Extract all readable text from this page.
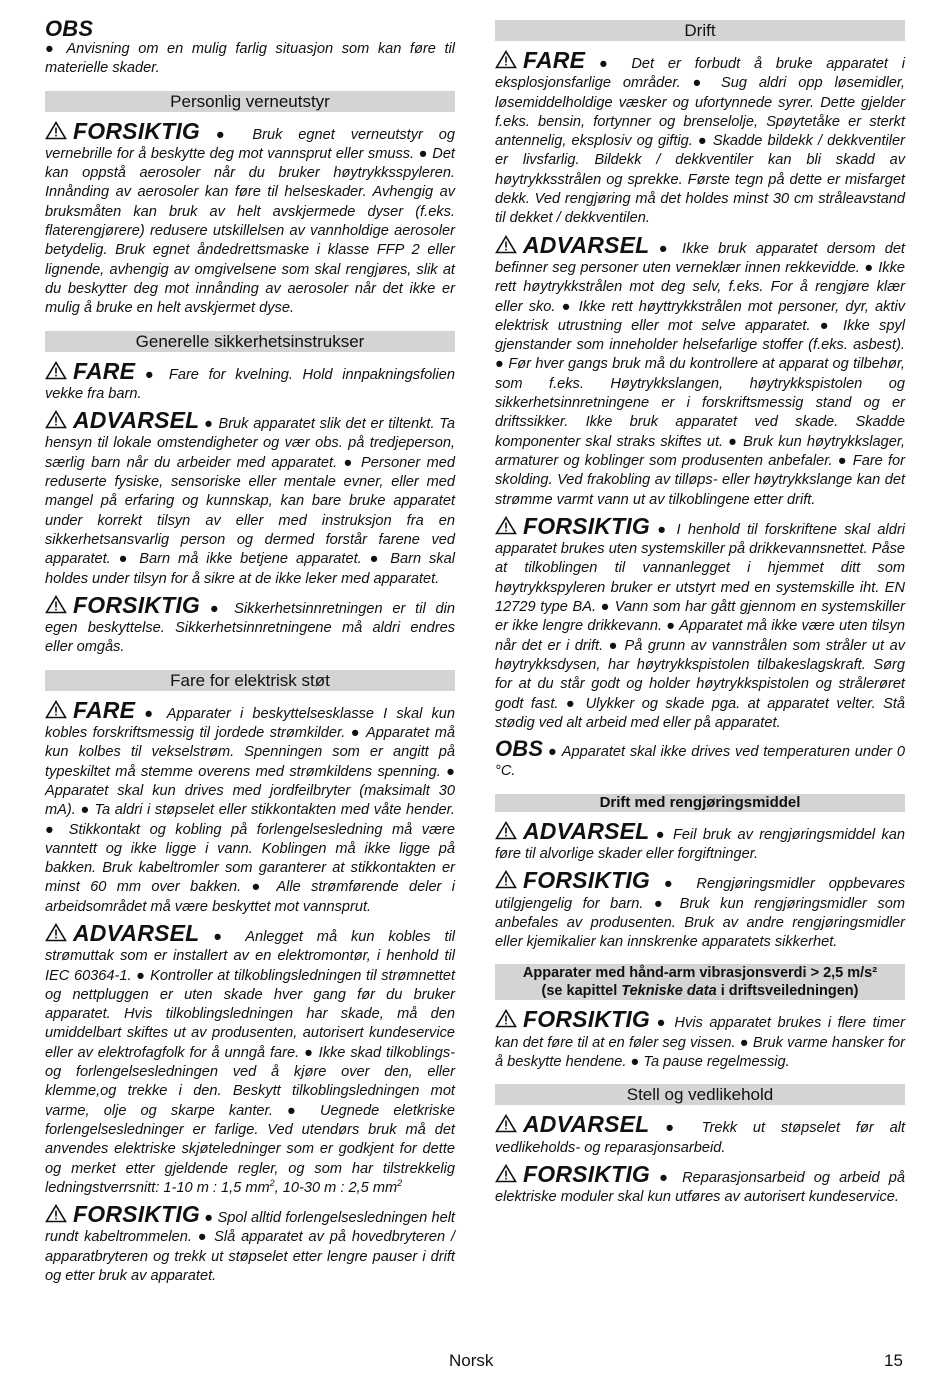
OBS
● Anvisning om en mulig farlig situasjon som kan føre til materielle skader.
Personlig verneutstyr
FORSIKTIG ● Bruk egnet verneutstyr og vernebrille for å beskytte deg mot vannsprut eller smuss. ● Det kan oppstå aerosoler når du bruker høytrykksspyleren. Innånding av aerosoler kan føre til helseskader. Avhengig av bruksmåten kan bruk av helt avskjermede dyser (f.eks. flaterengjørere) redusere utskillelsen av vannholdige aerosoler betydelig. Bruk egnet åndedrettsmaske i klasse FFP 2 eller lignende, avhengig av omgivelsene som skal rengjøres, slik at du beskytter deg mot innånding av aerosoler når det ikke er mulig å bruke en helt avskjermet dyse.
Generelle sikkerhetsinstrukser
FARE ● Fare for kvelning. Hold innpakningsfolien vekke fra barn.
ADVARSEL ● Bruk apparatet slik det er tiltenkt. Ta hensyn til lokale omstendigheter og vær obs. på tredjeperson, særlig barn når du arbeider med apparatet. ● Personer med reduserte fysiske, sensoriske eller mentale evner, eller med mangel på erfaring og kunnskap, kan bare bruke apparatet under korrekt tilsyn av eller med instruksjon fra en sikkerhetsansvarlig person og dermed forstår farene ved apparatet. ● Barn må ikke betjene apparatet. ● Barn skal holdes under tilsyn for å sikre at de ikke leker med apparatet.
FORSIKTIG ● Sikkerhetsinnretningen er til din egen beskyttelse. Sikkerhetsinnretningene må aldri endres eller omgås.
Fare for elektrisk støt
FARE ● Apparater i beskyttelsesklasse I skal kun kobles forskriftsmessig til jordede strømkilder. ● Apparatet må kun kolbes til vekselstrøm. Spenningen som er angitt på typeskiltet må stemme overens med strømkildens spenning. ● Apparatet skal kun drives med jordfeilbryter (maksimalt 30 mA). ● Ta aldri i støpselet eller stikkontakten med våte hender. ● Stikkontakt og kobling på forlengelsesledning må være vanntett og ikke ligge i vann. Koblingen må ikke ligge på bakken. Bruk kabeltromler som garanterer at stikkontakten er minst 60 mm over bakken. ● Alle strømførende deler i arbeidsområdet må være beskyttet mot vannsprut.
ADVARSEL ● Anlegget må kun kobles til strømuttak som er installert av en elektromontør, i henhold til IEC 60364-1. ● Kontroller at tilkoblingsledningen til strømnettet og nettpluggen er uten skade hver gang før du bruker apparatet. Hvis tilkoblingsledningen har skade, må den umiddelbart skiftes ut av produsenten, autorisert kundeservice eller av elektrofagfolk for å unngå fare. ● Ikke skad tilkoblings- og forlengelsesledningen ved å kjøre over den, eller klemme,og trekke i den. Beskytt tilkoblingsledningen mot varme, olje og skarpe kanter. ● Uegnede eletkriske forlengelsesledninger er farlige. Ved utendørs bruk må det anvendes elektriske skjøteledninger som er godkjent for dette og merket etter gjeldende regler, og som har tilstrekkelig ledningstverrsnitt: 1-10 m : 1,5 $mm^2$, 10-30 m : 2,5 $mm^2$
FORSIKTIG ● Spol alltid forlengelsesledningen helt rundt kabeltrommelen. ● Slå apparatet av på hovedbryteren / apparatbryteren og trekk ut støpselet etter lengre pauser i drift og etter bruk av apparatet.
Drift
FARE ● Det er forbudt å bruke apparatet i eksplosjonsfarlige områder. ● Sug aldri opp løsemidler, løsemiddelholdige væsker og ufortynnede syrer. Dette gjelder f.eks. bensin, fortynner og brenselolje, Spøytetåke er sterkt antennelig, eksplosiv og giftig. ● Skadde bildekk / dekkventiler er livsfarlig. Bildekk / dekkventiler kan bli skadd av høytrykksstrålen og sprekke. Første tegn på dette er misfarget dekk. Ved rengjøring må det holdes minst 30 cm stråleavstand til dekket / dekkventilen.
ADVARSEL ● Ikke bruk apparatet dersom det befinner seg personer uten verneklær innen rekkevidde. ● Ikke rett høytrykkstrålen mot deg selv, f.eks. For å rengjøre klær eller sko. ● Ikke rett høyttrykkstrålen mot personer, dyr, aktiv elektrisk utrustning eller mot selve apparatet. ● Ikke spyl gjenstander som inneholder helsefarlige stoffer (f.eks. asbest). ● Før hver gangs bruk må du kontrollere at apparat og tilbehør, som f.eks. Høytrykkslangen, høytrykkspistolen og sikkerhetsinnretningene er i forskriftsmessig stand og er driftssikker. Ikke bruk apparatet ved skade. Skadde komponenter skal straks skiftes ut. ● Bruk kun høytrykkslager, armaturer og koblinger som produsenten anbefaler. ● Fare for skolding. Ved frakobling av tilløps- eller høytrykkslange kan det strømme varmt vann ut av tilkoblingene etter drift.
FORSIKTIG ● I henhold til forskriftene skal aldri apparatet brukes uten systemskiller på drikkevannsnettet. Påse at tilkoblingen til vannanlegget i hjemmet ditt som høytrykkspyleren bruker er utstyrt med en systemskille iht. EN 12729 type BA. ● Vann som har gått gjennom en systemskiller er ikke lengre drikkevann. ● Apparatet må ikke være uten tilsyn når det er i drift. ● På grunn av vannstrålen som stråler ut av høytrykksdysen, har høytrykkspistolen tilbakeslagskraft. Sørg for at du står godt og holder høytrykkspistolen og strålerøret godt fast. ● Ulykker og skade pga. at apparatet velter. Stå stødig ved alt arbeid med eller på apparatet.
OBS ● Apparatet skal ikke drives ved temperaturen under 0 °C.
Drift med rengjøringsmiddel
ADVARSEL ● Feil bruk av rengjøringsmiddel kan føre til alvorlige skader eller forgiftninger.
FORSIKTIG ● Rengjøringsmidler oppbevares utilgjengelig for barn. ● Bruk kun rengjøringsmidler som anbefales av produsenten. Bruk av andre rengjøringsmidler eller kjemikalier kan innskrenke apparatets sikkerhet.
Apparater med hånd-arm vibrasjonsverdi > 2,5 m/s²
(se kapittel Tekniske data i driftsveiledningen)
FORSIKTIG ● Hvis apparatet brukes i flere timer kan det føre til at en føler seg vissen. ● Bruk varme hansker for å beskytte hendene. ● Ta pause regelmessig.
Stell og vedlikehold
ADVARSEL ● Trekk ut støpselet før alt vedlikeholds- og reparasjonsarbeid.
FORSIKTIG ● Reparasjonsarbeid og arbeid på elektriske moduler skal kun utføres av autorisert kundeservice.
Norsk	15
